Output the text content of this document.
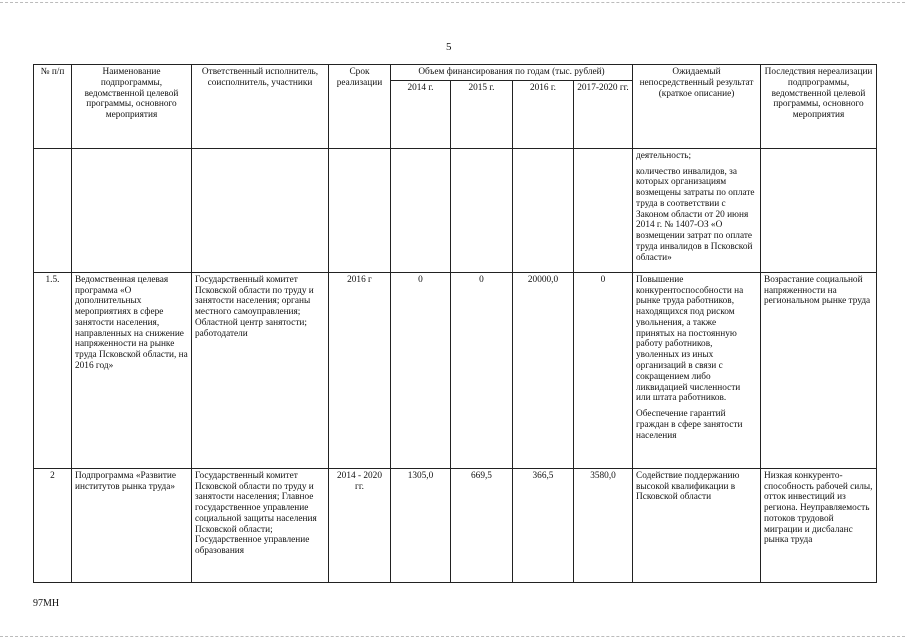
5
№ п/п	Наименование подпрограммы, ведомственной целевой программы, основного мероприятия	Ответственный исполнитель, соисполнитель, участники	Срок реализации	Объем финансирования по годам (тыс. рублей)				Ожидаемый непосредственный результат (краткое описание)	Последствия нереализации подпрограммы, ведомственной целевой программы, основного мероприятия
				2014 г.	2015 г.	2016 г.	2017-2020 гг.		
								деятельность;
количество инвалидов, за которых организациям возмещены затраты по оплате труда в соответствии с Законом области от 20 июня 2014 г. № 1407-ОЗ «О возмещении затрат по оплате труда инвалидов в Псковской области»	
1.5.	Ведомственная целевая программа «О дополнительных мероприятиях в сфере занятости населения, направленных на снижение напряженности на рынке труда Псковской области, на 2016 год»	Государственный комитет Псковской области по труду и занятости населения; органы местного самоуправления; Областной центр занятости; работодатели	2016 г	0	0	20000,0	0	Повышение конкурентоспособности на рынке труда работников, находящихся под риском увольнения, а также принятых на постоянную работу работников, уволенных из иных организаций в связи с сокращением либо ликвидацией численности или штата работников.
Обеспечение гарантий граждан в сфере занятости населения	Возрастание социальной напряженности на региональном рынке труда
2	Подпрограмма «Развитие институтов рынка труда»	Государственный комитет Псковской области по труду и занятости населения; Главное государственное управление социальной защиты населения Псковской области; Государственное управление образования	2014 - 2020 гг.	1305,0	669,5	366,5	3580,0	Содействие поддержанию высокой квалификации в Псковской области	Низкая конкуренто-способность рабочей силы, отток инвестиций из региона. Неуправляемость потоков трудовой миграции и дисбаланс рынка труда
97МН
